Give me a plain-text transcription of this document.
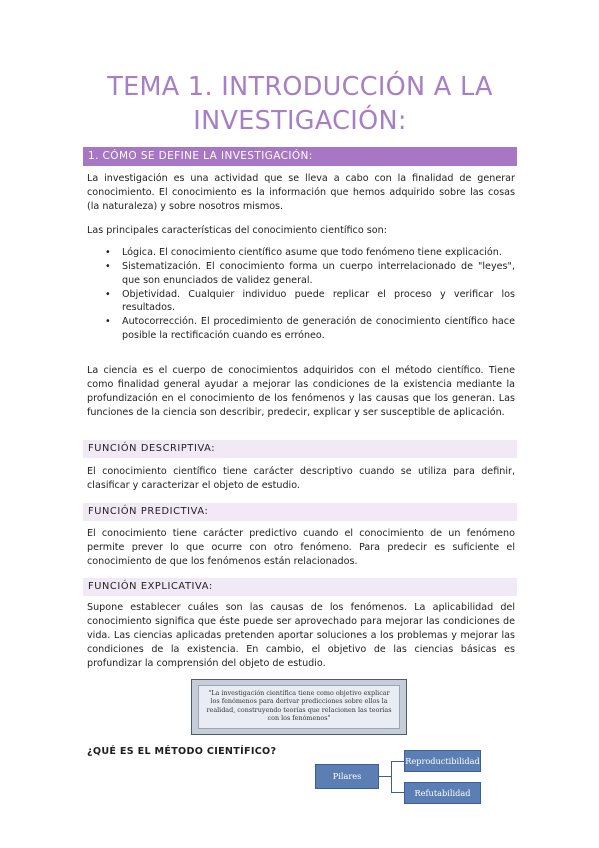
TEMA 1. INTRODUCCIÓN A LA
INVESTIGACIÓN:
1. CÓMO SE DEFINE LA INVESTIGACIÓN:

La investigación es una actividad que se lleva a cabo con la finalidad de generar conocimiento. El conocimiento es la información que hemos adquirido sobre las cosas (la naturaleza) y sobre nosotros mismos.

Las principales características del conocimiento científico son:

• Lógica. El conocimiento científico asume que todo fenómeno tiene explicación.
• Sistematización. El conocimiento forma un cuerpo interrelacionado de "leyes", que son enunciados de validez general.
• Objetividad. Cualquier individuo puede replicar el proceso y verificar los resultados.
• Autocorrección. El procedimiento de generación de conocimiento científico hace posible la rectificación cuando es erróneo.

La ciencia es el cuerpo de conocimientos adquiridos con el método científico. Tiene como finalidad general ayudar a mejorar las condiciones de la existencia mediante la profundización en el conocimiento de los fenómenos y las causas que los generan. Las funciones de la ciencia son describir, predecir, explicar y ser susceptible de aplicación.

FUNCIÓN DESCRIPTIVA:

El conocimiento científico tiene carácter descriptivo cuando se utiliza para definir, clasificar y caracterizar el objeto de estudio.

FUNCIÓN PREDICTIVA:

El conocimiento tiene carácter predictivo cuando el conocimiento de un fenómeno permite prever lo que ocurre con otro fenómeno. Para predecir es suficiente el conocimiento de que los fenómenos están relacionados.

FUNCIÓN EXPLICATIVA:

Supone establecer cuáles son las causas de los fenómenos. La aplicabilidad del conocimiento significa que éste puede ser aprovechado para mejorar las condiciones de vida. Las ciencias aplicadas pretenden aportar soluciones a los problemas y mejorar las condiciones de la existencia. En cambio, el objetivo de las ciencias básicas es profundizar la comprensión del objeto de estudio.

"La investigación científica tiene como objetivo explicar los fenómenos para derivar predicciones sobre ellos la realidad, construyendo teorías que relacionen las teorías con los fenómenos"
¿QUÉ ES EL MÉTODO CIENTÍFICO?
Pilares
Reproductibilidad
Refutabilidad
